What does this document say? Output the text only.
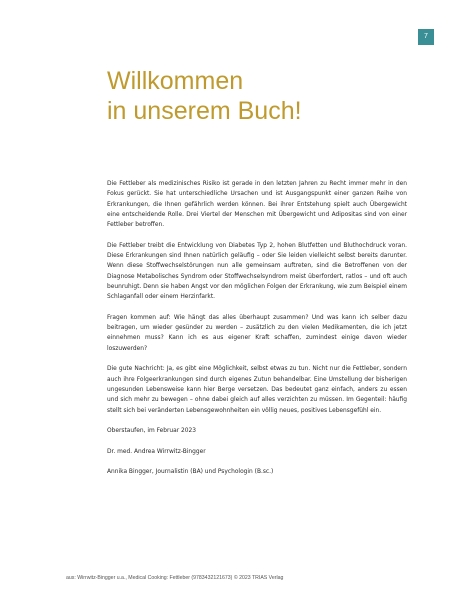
7
Willkommen
in unserem Buch!

Die Fettleber als medizinisches Risiko ist gerade in den letzten Jahren zu Recht immer mehr in den Fokus gerückt. Sie hat unterschiedliche Ursachen und ist Ausgangspunkt einer ganzen Reihe von Erkrankungen, die Ihnen gefährlich werden können. Bei ihrer Entstehung spielt auch Übergewicht eine entscheidende Rolle. Drei Viertel der Menschen mit Übergewicht und Adipositas sind von einer Fettleber betroffen.

Die Fettleber treibt die Entwicklung von Diabetes Typ 2, hohen Blutfetten und Bluthochdruck voran. Diese Erkrankungen sind Ihnen natürlich geläufig – oder Sie leiden vielleicht selbst bereits darunter. Wenn diese Stoffwechselstörungen nun alle gemeinsam auftreten, sind die Betroffenen von der Diagnose Metabolisches Syndrom oder Stoffwechselsyndrom meist überfordert, ratlos – und oft auch beunruhigt. Denn sie haben Angst vor den möglichen Folgen der Erkrankung, wie zum Beispiel einem Schlaganfall oder einem Herzinfarkt.

Fragen kommen auf: Wie hängt das alles überhaupt zusammen? Und was kann ich selber dazu beitragen, um wieder gesünder zu werden – zusätzlich zu den vielen Medikamenten, die ich jetzt einnehmen muss? Kann ich es aus eigener Kraft schaffen, zumindest einige davon wieder loszuwerden?

Die gute Nachricht: Ja, es gibt eine Möglichkeit, selbst etwas zu tun. Nicht nur die Fettleber, sondern auch ihre Folgeerkrankungen sind durch eigenes Zutun behandelbar. Eine Umstellung der bisherigen ungesunden Lebensweise kann hier Berge versetzen. Das bedeutet ganz einfach, anders zu essen und sich mehr zu bewegen – ohne dabei gleich auf alles verzichten zu müssen. Im Gegenteil: häufig stellt sich bei veränderten Lebensgewohnheiten ein völlig neues, positives Lebensgefühl ein.

Oberstaufen, im Februar 2023

Dr. med. Andrea Wirrwitz-Bingger

Annika Bingger, Journalistin (BA) und Psychologin (B.sc.)

aus: Wirrwitz-Bingger u.a., Medical Cooking: Fettleber (9783432121673) © 2023 TRIAS Verlag
